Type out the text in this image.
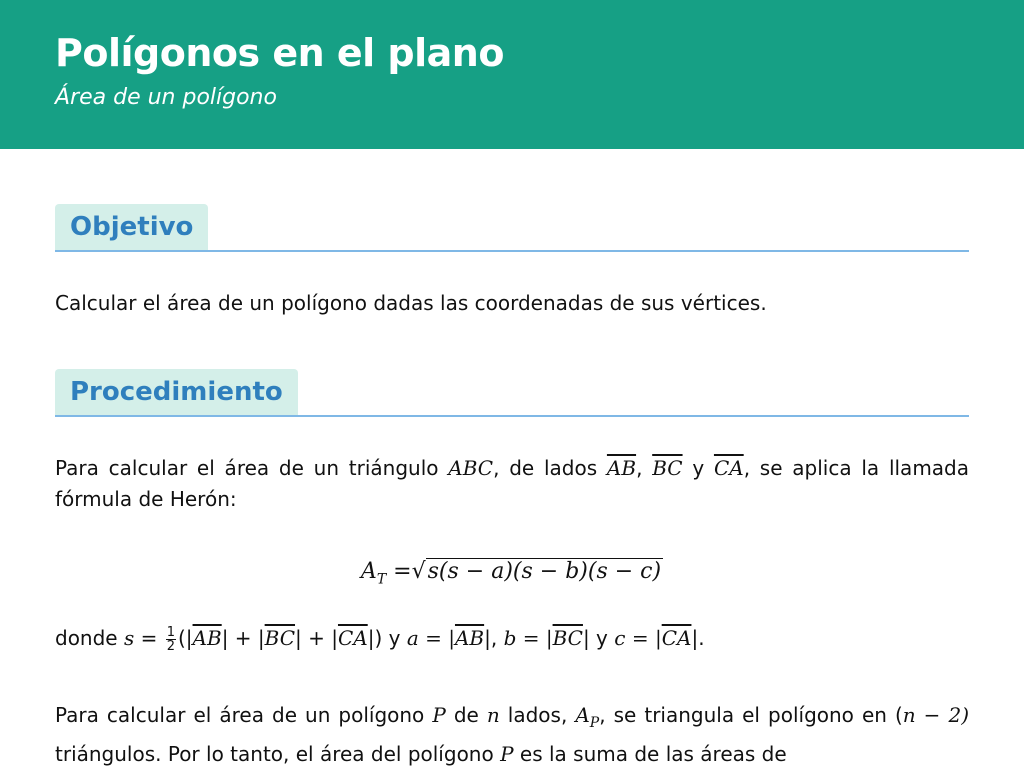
Polígonos en el plano
Área de un polígono
Objetivo

Calcular el área de un polígono dadas las coordenadas de sus vértices.

Procedimiento

Para calcular el área de un triángulo ABC, de lados $\overline{AB}$, $\overline{BC}$ y $\overline{CA}$, se aplica la llamada fórmula de Herón:

$A_T =√s(s - a)(s - b)(s - c)$

donde $s = \frac{1}{2} (|\overline{AB}| + |\overline{BC}| + |\overline{CA}|)$ y $a = |\overline{AB}|$, $b = |\overline{BC}|$ y $c = |\overline{CA}|$.

Para calcular el área de un polígono P de n lados, $A_P$, se triangula el polígono en (n − 2) triángulos. Por lo tanto, el área del polígono P es la suma de las áreas de
